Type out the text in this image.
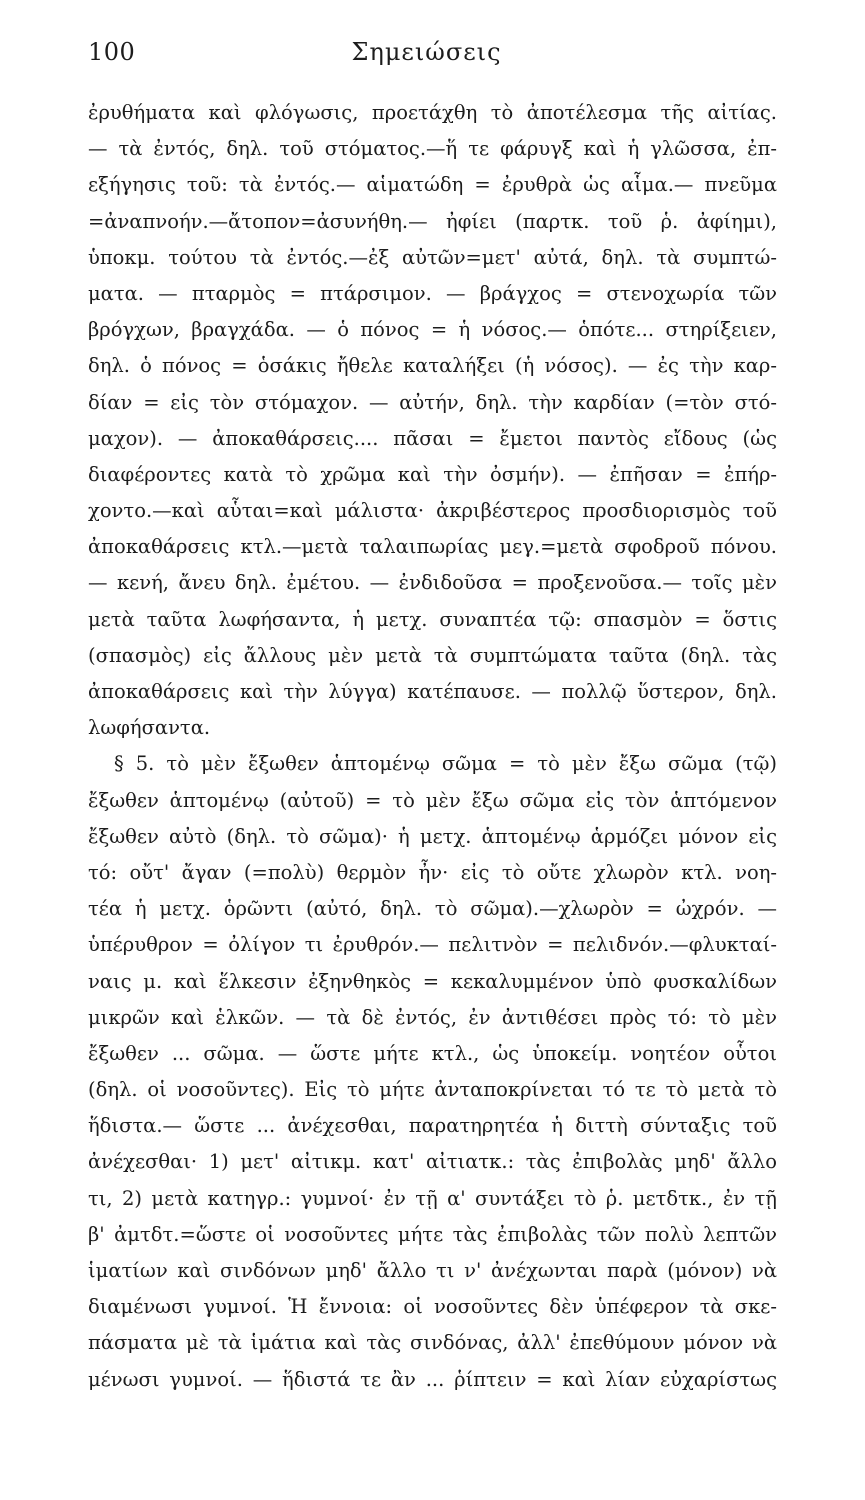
100	Σημειώσεις
ἐρυθήματα καὶ φλόγωσις, προετάχθη τὸ ἀποτέλεσμα τῆς αἰτίας.
— τὰ ἐντός, δηλ. τοῦ στόματος.—ἥ τε φάρυγξ καὶ ἡ γλῶσσα, ἐπ-
εξήγησις τοῦ: τὰ ἐντός.— αἱματώδη = ἐρυθρὰ ὡς αἷμα.— πνεῦμα
=ἀναπνοήν.—ἄτοπον=ἀσυνήθη.— ἠφίει (παρτκ. τοῦ ῥ. ἀφίημι),
ὑποκμ. τούτου τὰ ἐντός.—ἐξ αὐτῶν=μετ' αὐτά, δηλ. τὰ συμπτώ-
ματα. — πταρμὸς = πτάρσιμον. — βράγχος = στενοχωρία τῶν
βρόγχων, βραγχάδα. — ὁ πόνος = ἡ νόσος.— ὁπότε... στηρίξειεν,
δηλ. ὁ πόνος = ὁσάκις ἤθελε καταλήξει (ἡ νόσος). — ἐς τὴν καρ-
δίαν = εἰς τὸν στόμαχον. — αὐτήν, δηλ. τὴν καρδίαν (=τὸν στό-
μαχον). — ἀποκαθάρσεις.... πᾶσαι = ἔμετοι παντὸς εἴδους (ὡς
διαφέροντες κατὰ τὸ χρῶμα καὶ τὴν ὀσμήν). — ἐπῆσαν = ἐπήρ-
χοντο.—καὶ αὗται=καὶ μάλιστα· ἀκριβέστερος προσδιορισμὸς τοῦ
ἀποκαθάρσεις κτλ.—μετὰ ταλαιπωρίας μεγ.=μετὰ σφοδροῦ πόνου.
— κενή, ἄνευ δηλ. ἐμέτου. — ἐνδιδοῦσα = προξενοῦσα.— τοῖς μὲν
μετὰ ταῦτα λωφήσαντα, ἡ μετχ. συναπτέα τῷ: σπασμὸν = ὅστις
(σπασμὸς) εἰς ἄλλους μὲν μετὰ τὰ συμπτώματα ταῦτα (δηλ. τὰς
ἀποκαθάρσεις καὶ τὴν λύγγα) κατέπαυσε. — πολλῷ ὕστερον, δηλ.
λωφήσαντα.
§ 5. τὸ μὲν ἔξωθεν ἁπτομένῳ σῶμα = τὸ μὲν ἔξω σῶμα (τῷ)
ἔξωθεν ἁπτομένῳ (αὐτοῦ) = τὸ μὲν ἔξω σῶμα εἰς τὸν ἁπτόμενον
ἔξωθεν αὐτὸ (δηλ. τὸ σῶμα)· ἡ μετχ. ἁπτομένῳ ἁρμόζει μόνον εἰς
τό: οὔτ' ἄγαν (=πολὺ) θερμὸν ἦν· εἰς τὸ οὔτε χλωρὸν κτλ. νοη-
τέα ἡ μετχ. ὁρῶντι (αὐτό, δηλ. τὸ σῶμα).—χλωρὸν = ὠχρόν. —
ὑπέρυθρον = ὀλίγον τι ἐρυθρόν.— πελιτνὸν = πελιδνόν.—φλυκταί-
ναις μ. καὶ ἕλκεσιν ἐξηνθηκὸς = κεκαλυμμένον ὑπὸ φυσκαλίδων
μικρῶν καὶ ἑλκῶν. — τὰ δὲ ἐντός, ἐν ἀντιθέσει πρὸς τό: τὸ μὲν
ἔξωθεν ... σῶμα. — ὥστε μήτε κτλ., ὡς ὑποκείμ. νοητέον οὗτοι
(δηλ. οἱ νοσοῦντες). Εἰς τὸ μήτε ἀνταποκρίνεται τό τε τὸ μετὰ τὸ
ἥδιστα.— ὥστε ... ἀνέχεσθαι, παρατηρητέα ἡ διττὴ σύνταξις τοῦ
ἀνέχεσθαι· 1) μετ' αἰτικμ. κατ' αἰτιατκ.: τὰς ἐπιβολὰς μηδ' ἄλλο
τι, 2) μετὰ κατηγρ.: γυμνοί· ἐν τῇ α' συντάξει τὸ ῥ. μετδτκ., ἐν τῇ
β' ἀμτδτ.=ὥστε οἱ νοσοῦντες μήτε τὰς ἐπιβολὰς τῶν πολὺ λεπτῶν
ἱματίων καὶ σινδόνων μηδ' ἄλλο τι ν' ἀνέχωνται παρὰ (μόνον) νὰ
διαμένωσι γυμνοί. Ἡ ἔννοια: οἱ νοσοῦντες δὲν ὑπέφερον τὰ σκε-
πάσματα μὲ τὰ ἱμάτια καὶ τὰς σινδόνας, ἀλλ' ἐπεθύμουν μόνον νὰ
μένωσι γυμνοί. — ἥδιστά τε ἂν ... ῥίπτειν = καὶ λίαν εὐχαρίστως
